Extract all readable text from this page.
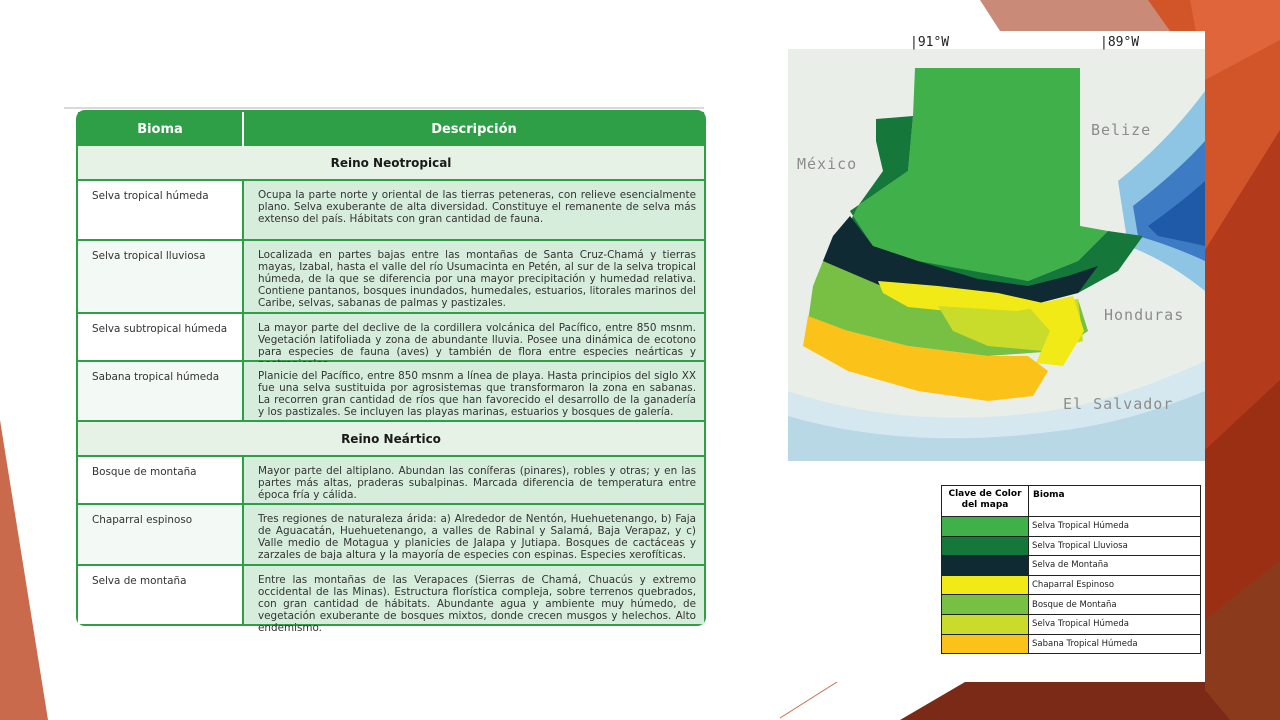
Bioma	Descripción
Reino Neotropical
Selva tropical húmeda	Ocupa la parte norte y oriental de las tierras peteneras, con relieve esencialmente plano. Selva exuberante de alta diversidad. Constituye el remanente de selva más extenso del país. Hábitats con gran cantidad de fauna.
Selva tropical lluviosa	Localizada en partes bajas entre las montañas de Santa Cruz-Chamá y tierras mayas, Izabal, hasta el valle del río Usumacinta en Petén, al sur de la selva tropical húmeda, de la que se diferencia por una mayor precipitación y humedad relativa. Contiene pantanos, bosques inundados, humedales, estuarios, litorales marinos del Caribe, selvas, sabanas de palmas y pastizales.
Selva subtropical húmeda	La mayor parte del declive de la cordillera volcánica del Pacífico, entre 850 msnm. Vegetación latifoliada y zona de abundante lluvia. Posee una dinámica de ecotono para especies de fauna (aves) y también de flora entre especies neárticas y
Sabana tropical húmeda	Planicie del Pacífico, entre 850 msnm a línea de playa. Hasta principios del siglo XX fue una selva sustituida por agrosistemas que transformaron la zona en sabanas. La recorren gran cantidad de ríos que han favorecido el desarrollo de la ganadería y los pastizales. Se incluyen las playas marinas, estuarios y bosques de galería.
Reino Neártico
Bosque de montaña	Mayor parte del altiplano. Abundan las coníferas (pinares), robles y otras; y en las partes más altas, praderas subalpinas. Marcada diferencia de temperatura entre época fría y cálida.
Chaparral espinoso	Tres regiones de naturaleza árida: a) Alrededor de Nentón, Huehuetenango, b) Faja de Aguacatán, Huehuetenango, a valles de Rabinal y Salamá, Baja Verapaz, y c) Valle medio de Motagua y planicies de Jalapa y Jutiapa. Bosques de cactáceas y zarzales de baja altura y la mayoría de especies con espinas. Especies xerofíticas.
Selva de montaña	Entre las montañas de las Verapaces (Sierras de Chamá, Chuacús y extremo occidental de las Minas). Estructura florística compleja, sobre terrenos quebrados, con gran cantidad de hábitats. Abundante agua y ambiente muy húmedo, de vegetación exuberante de bosques mixtos, donde crecen musgos y helechos. Alto endemismo.
|91°W	|89°W
México
Belize
Honduras
El Salvador
Clave de Color del mapa
Bioma
Selva Tropical Húmeda
Selva Tropical Lluviosa
Selva de Montaña
Chaparral Espinoso
Bosque de Montaña
Selva Tropical Húmeda
Sabana Tropical Húmeda
